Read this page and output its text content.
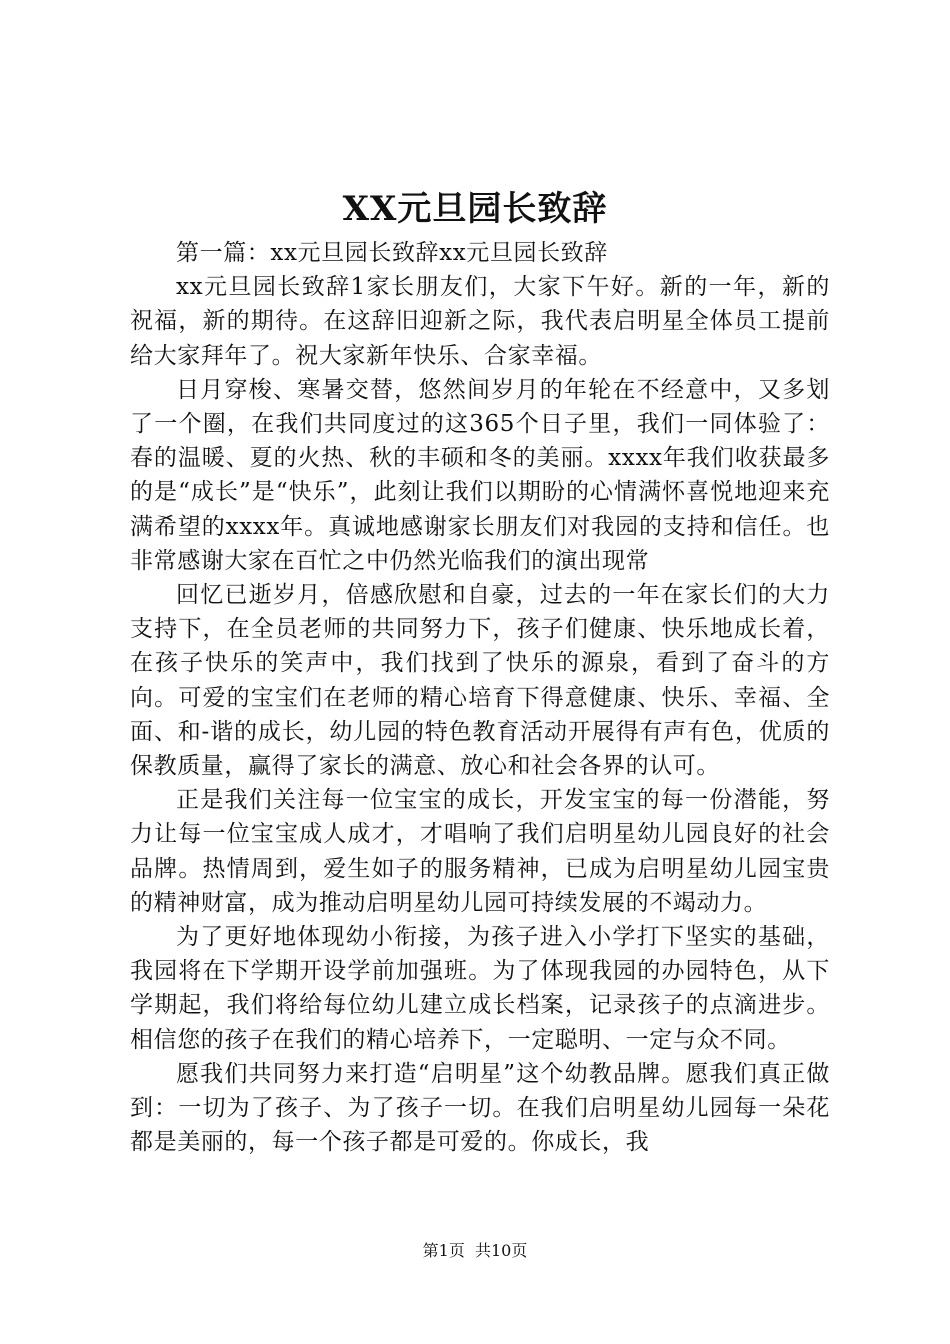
XX元旦园长致辞

第一篇：xx元旦园长致辞xx元旦园长致辞

xx元旦园长致辞1家长朋友们，大家下午好。新的一年，新的祝福，新的期待。在这辞旧迎新之际，我代表启明星全体员工提前给大家拜年了。祝大家新年快乐、合家幸福。

日月穿梭、寒暑交替，悠然间岁月的年轮在不经意中，又多划了一个圈，在我们共同度过的这365个日子里，我们一同体验了：春的温暖、夏的火热、秋的丰硕和冬的美丽。xxxx年我们收获最多的是“成长”是“快乐”，此刻让我们以期盼的心情满怀喜悦地迎来充满希望的xxxx年。真诚地感谢家长朋友们对我园的支持和信任。也非常感谢大家在百忙之中仍然光临我们的演出现常

回忆已逝岁月，倍感欣慰和自豪，过去的一年在家长们的大力支持下，在全员老师的共同努力下，孩子们健康、快乐地成长着，在孩子快乐的笑声中，我们找到了快乐的源泉，看到了奋斗的方向。可爱的宝宝们在老师的精心培育下得意健康、快乐、幸福、全面、和-谐的成长，幼儿园的特色教育活动开展得有声有色，优质的保教质量，赢得了家长的满意、放心和社会各界的认可。

正是我们关注每一位宝宝的成长，开发宝宝的每一份潜能，努力让每一位宝宝成人成才，才唱响了我们启明星幼儿园良好的社会品牌。热情周到，爱生如子的服务精神，已成为启明星幼儿园宝贵的精神财富，成为推动启明星幼儿园可持续发展的不竭动力。

为了更好地体现幼小衔接，为孩子进入小学打下坚实的基础，我园将在下学期开设学前加强班。为了体现我园的办园特色，从下学期起，我们将给每位幼儿建立成长档案，记录孩子的点滴进步。相信您的孩子在我们的精心培养下，一定聪明、一定与众不同。

愿我们共同努力来打造“启明星”这个幼教品牌。愿我们真正做到：一切为了孩子、为了孩子一切。在我们启明星幼儿园每一朵花都是美丽的，每一个孩子都是可爱的。你成长，我

第1页  共10页
